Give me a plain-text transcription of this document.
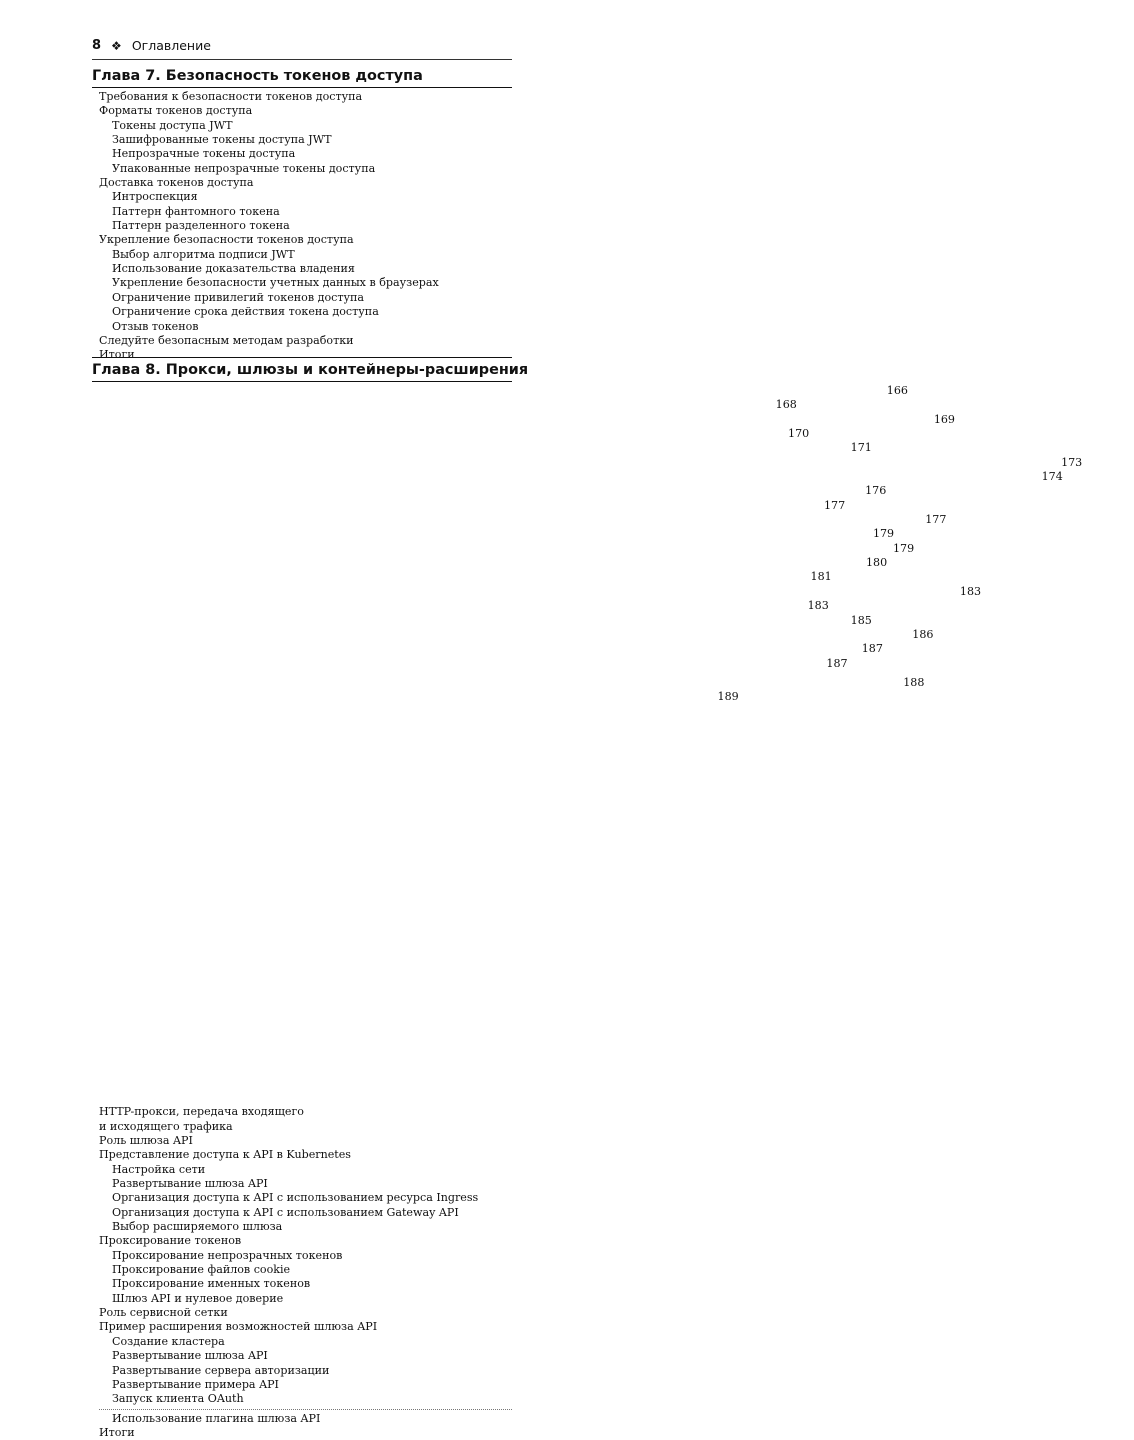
8 ❖ Оглавление
Глава 7. Безопасность токенов доступа
Требования к безопасности токенов доступа
Форматы токенов доступа
Токены доступа JWT
Зашифрованные токены доступа JWT
Непрозрачные токены доступа
Упакованные непрозрачные токены доступа
Доставка токенов доступа
Интроспекция
Паттерн фантомного токена
Паттерн разделенного токена
Укрепление безопасности токенов доступа
Выбор алгоритма подписи JWT
Использование доказательства владения
Укрепление безопасности учетных данных в браузерах
Ограничение привилегий токенов доступа
Ограничение срока действия токена доступа
Отзыв токенов
Следуйте безопасным методам разработки
Итоги
Глава 8. Прокси, шлюзы и контейнеры-расширения
HTTP-прокси, передача входящего
и исходящего трафика
166
Роль шлюза API
168
Представление доступа к API в Kubernetes
169
Настройка сети
170
Развертывание шлюза API
171
Организация доступа к API с использованием ресурса Ingress
173
Организация доступа к API с использованием Gateway API
174
Выбор расширяемого шлюза
176
Проксирование токенов
177
Проксирование непрозрачных токенов
177
Проксирование файлов cookie
179
Проксирование именных токенов
179
Шлюз API и нулевое доверие
180
Роль сервисной сетки
181
Пример расширения возможностей шлюза API
183
Создание кластера
183
Развертывание шлюза API
185
Развертывание сервера авторизации
186
Развертывание примера API
187
Запуск клиента OAuth
187
Использование плагина шлюза API
188
Итоги
189
